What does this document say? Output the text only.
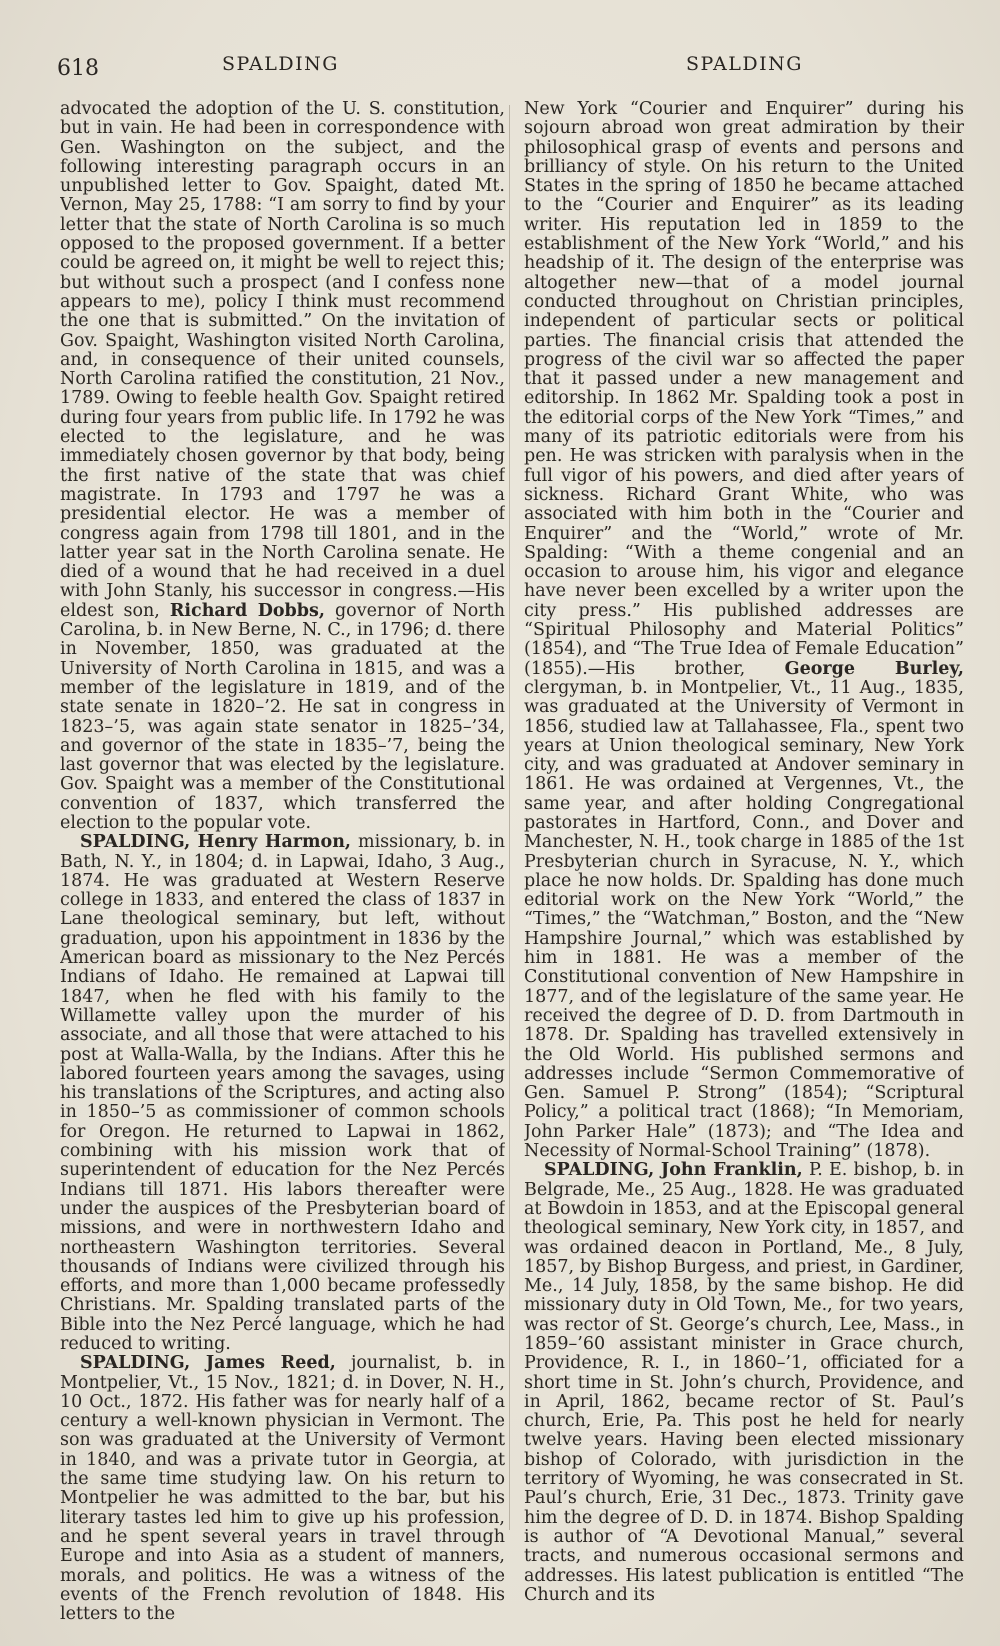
618	SPALDING	SPALDING

advocated the adoption of the U. S. constitution, but in vain. He had been in correspondence with Gen. Washington on the subject, and the following interesting paragraph occurs in an unpublished letter to Gov. Spaight, dated Mt. Vernon, May 25, 1788: “I am sorry to find by your letter that the state of North Carolina is so much opposed to the proposed government. If a better could be agreed on, it might be well to reject this; but without such a prospect (and I confess none appears to me), policy I think must recommend the one that is submitted.” On the invitation of Gov. Spaight, Washington visited North Carolina, and, in consequence of their united counsels, North Carolina ratified the constitution, 21 Nov., 1789. Owing to feeble health Gov. Spaight retired during four years from public life. In 1792 he was elected to the legislature, and he was immediately chosen governor by that body, being the first native of the state that was chief magistrate. In 1793 and 1797 he was a presidential elector. He was a member of congress again from 1798 till 1801, and in the latter year sat in the North Carolina senate. He died of a wound that he had received in a duel with John Stanly, his successor in congress.—His eldest son, Richard Dobbs, governor of North Carolina, b. in New Berne, N. C., in 1796; d. there in November, 1850, was graduated at the University of North Carolina in 1815, and was a member of the legislature in 1819, and of the state senate in 1820–’2. He sat in congress in 1823–’5, was again state senator in 1825–’34, and governor of the state in 1835–’7, being the last governor that was elected by the legislature. Gov. Spaight was a member of the Constitutional convention of 1837, which transferred the election to the popular vote.

SPALDING, Henry Harmon, missionary, b. in Bath, N. Y., in 1804; d. in Lapwai, Idaho, 3 Aug., 1874. He was graduated at Western Reserve college in 1833, and entered the class of 1837 in Lane theological seminary, but left, without graduation, upon his appointment in 1836 by the American board as missionary to the Nez Percés Indians of Idaho. He remained at Lapwai till 1847, when he fled with his family to the Willamette valley upon the murder of his associate, and all those that were attached to his post at Walla-Walla, by the Indians. After this he labored fourteen years among the savages, using his translations of the Scriptures, and acting also in 1850–’5 as commissioner of common schools for Oregon. He returned to Lapwai in 1862, combining with his mission work that of superintendent of education for the Nez Percés Indians till 1871. His labors thereafter were under the auspices of the Presbyterian board of missions, and were in northwestern Idaho and northeastern Washington territories. Several thousands of Indians were civilized through his efforts, and more than 1,000 became professedly Christians. Mr. Spalding translated parts of the Bible into the Nez Percé language, which he had reduced to writing.

SPALDING, James Reed, journalist, b. in Montpelier, Vt., 15 Nov., 1821; d. in Dover, N. H., 10 Oct., 1872. His father was for nearly half of a century a well-known physician in Vermont. The son was graduated at the University of Vermont in 1840, and was a private tutor in Georgia, at the same time studying law. On his return to Montpelier he was admitted to the bar, but his literary tastes led him to give up his profession, and he spent several years in travel through Europe and into Asia as a student of manners, morals, and politics. He was a witness of the events of the French revolution of 1848. His letters to the

New York “Courier and Enquirer” during his sojourn abroad won great admiration by their philosophical grasp of events and persons and brilliancy of style. On his return to the United States in the spring of 1850 he became attached to the “Courier and Enquirer” as its leading writer. His reputation led in 1859 to the establishment of the New York “World,” and his headship of it. The design of the enterprise was altogether new—that of a model journal conducted throughout on Christian principles, independent of particular sects or political parties. The financial crisis that attended the progress of the civil war so affected the paper that it passed under a new management and editorship. In 1862 Mr. Spalding took a post in the editorial corps of the New York “Times,” and many of its patriotic editorials were from his pen. He was stricken with paralysis when in the full vigor of his powers, and died after years of sickness. Richard Grant White, who was associated with him both in the “Courier and Enquirer” and the “World,” wrote of Mr. Spalding: “With a theme congenial and an occasion to arouse him, his vigor and elegance have never been excelled by a writer upon the city press.” His published addresses are “Spiritual Philosophy and Material Politics” (1854), and “The True Idea of Female Education” (1855).—His brother, George Burley, clergyman, b. in Montpelier, Vt., 11 Aug., 1835, was graduated at the University of Vermont in 1856, studied law at Tallahassee, Fla., spent two years at Union theological seminary, New York city, and was graduated at Andover seminary in 1861. He was ordained at Vergennes, Vt., the same year, and after holding Congregational pastorates in Hartford, Conn., and Dover and Manchester, N. H., took charge in 1885 of the 1st Presbyterian church in Syracuse, N. Y., which place he now holds. Dr. Spalding has done much editorial work on the New York “World,” the “Times,” the “Watchman,” Boston, and the “New Hampshire Journal,” which was established by him in 1881. He was a member of the Constitutional convention of New Hampshire in 1877, and of the legislature of the same year. He received the degree of D. D. from Dartmouth in 1878. Dr. Spalding has travelled extensively in the Old World. His published sermons and addresses include “Sermon Commemorative of Gen. Samuel P. Strong” (1854); “Scriptural Policy,” a political tract (1868); “In Memoriam, John Parker Hale” (1873); and “The Idea and Necessity of Normal-School Training” (1878).

SPALDING, John Franklin, P. E. bishop, b. in Belgrade, Me., 25 Aug., 1828. He was graduated at Bowdoin in 1853, and at the Episcopal general theological seminary, New York city, in 1857, and was ordained deacon in Portland, Me., 8 July, 1857, by Bishop Burgess, and priest, in Gardiner, Me., 14 July, 1858, by the same bishop. He did missionary duty in Old Town, Me., for two years, was rector of St. George’s church, Lee, Mass., in 1859–’60 assistant minister in Grace church, Providence, R. I., in 1860–’1, officiated for a short time in St. John’s church, Providence, and in April, 1862, became rector of St. Paul’s church, Erie, Pa. This post he held for nearly twelve years. Having been elected missionary bishop of Colorado, with jurisdiction in the territory of Wyoming, he was consecrated in St. Paul’s church, Erie, 31 Dec., 1873. Trinity gave him the degree of D. D. in 1874. Bishop Spalding is author of “A Devotional Manual,” several tracts, and numerous occasional sermons and addresses. His latest publication is entitled “The Church and its
